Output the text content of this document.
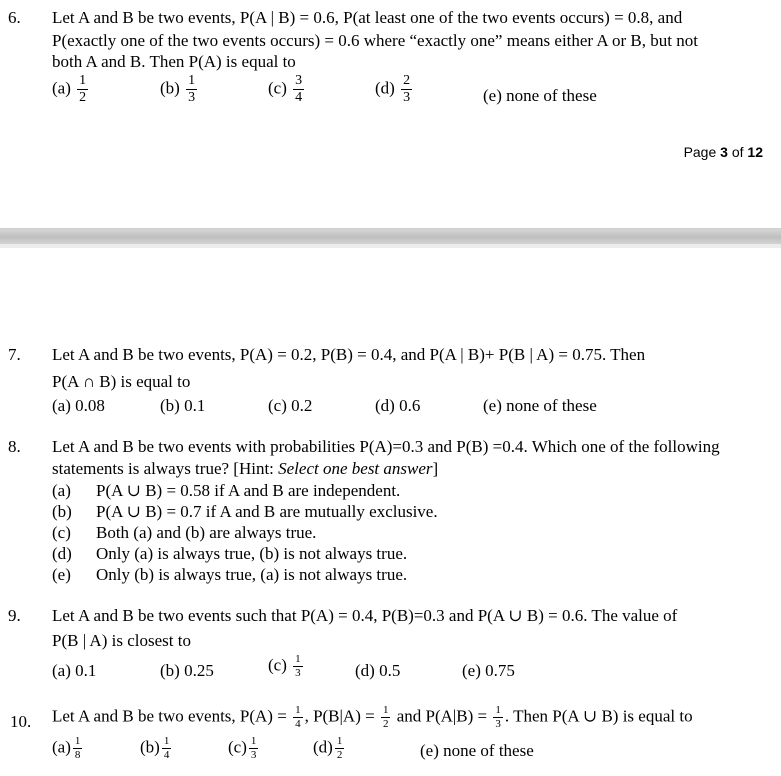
6. Let A and B be two events, P(A | B) = 0.6, P(at least one of the two events occurs) = 0.8, and
P(exactly one of the two events occurs) = 0.6 where “exactly one” means either A or B, but not
both A and B. Then P(A) is equal to
$(a) \frac{1}{2}$	$(b) \frac{1}{3}$	$(c) \frac{3}{4}$	$(d) \frac{2}{3}$	(e) none of these
Page 3 of 12
7. Let A and B be two events, P(A) = 0.2, P(B) = 0.4, and P(A | B)+ P(B | A) = 0.75. Then
P(A ∩ B) is equal to
(a) 0.08	(b) 0.1	(c) 0.2	(d) 0.6	(e) none of these
8. Let A and B be two events with probabilities P(A)=0.3 and P(B) =0.4. Which one of the following
statements is always true? [Hint: Select one best answer]
(a) P(A ∪ B) = 0.58 if A and B are independent.
(b) P(A ∪ B) = 0.7 if A and B are mutually exclusive.
(c) Both (a) and (b) are always true.
(d) Only (a) is always true, (b) is not always true.
(e) Only (b) is always true, (a) is not always true.
9. Let A and B be two events such that P(A) = 0.4, P(B)=0.3 and P(A ∪ B) = 0.6. The value of
P(B | A) is closest to
(a) 0.1	(b) 0.25	$(c) \frac{1}{3}$	(d) 0.5	(e) 0.75
10. Let A and B be two events, $P(A) = \frac{1}{4}$ , $P(B|A) = \frac{1}{2}$ and $P(A|B) = \frac{1}{3}$ . Then P(A ∪ B) is equal to
$(a) \frac{1}{8}$	$(b) \frac{1}{4}$	$(c) \frac{1}{3}$	$(d) \frac{1}{2}$	(e) none of these
